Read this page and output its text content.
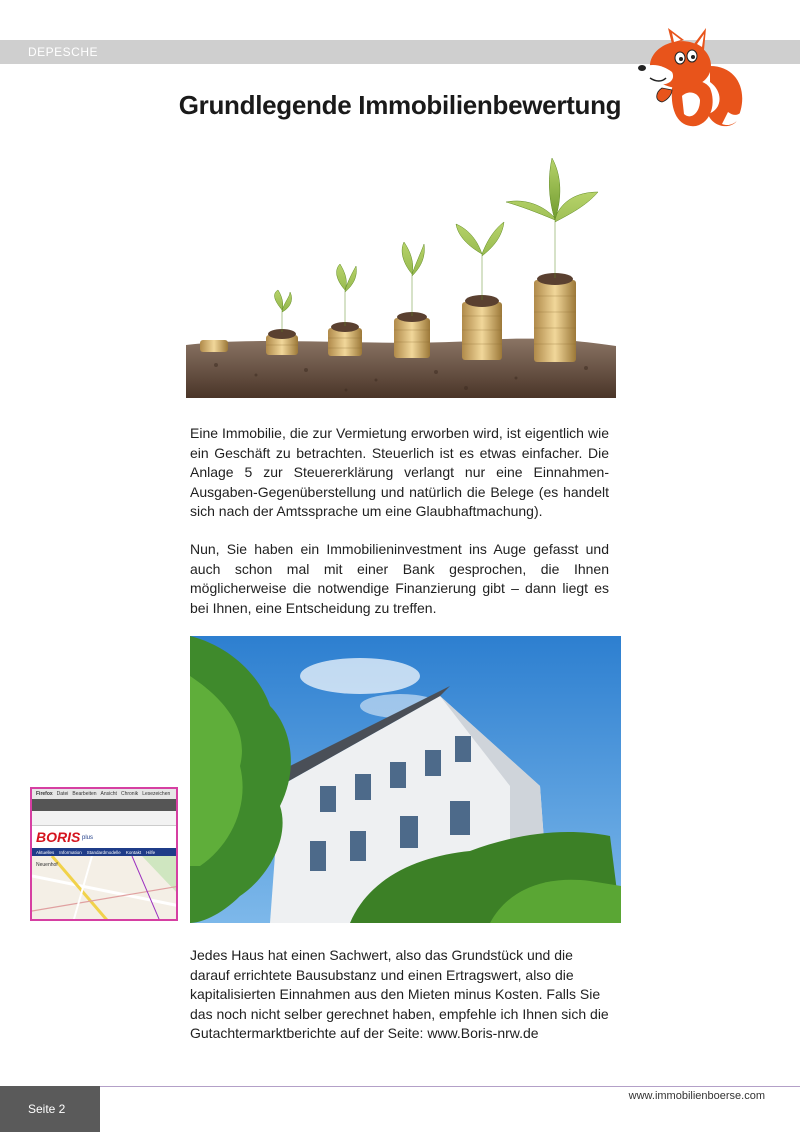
DEPESCHE
Grundlegende Immobilienbewertung
Eine Immobilie, die zur Vermietung erworben wird, ist eigentlich wie ein Geschäft zu betrachten. Steuerlich ist es etwas einfacher. Die Anlage 5 zur Steuererklärung verlangt nur eine Einnahmen-Ausgaben-Gegenüberstellung und natürlich die Belege (es handelt sich nach der Amtssprache um eine Glaubhaftmachung).
Nun, Sie haben ein Immobilieninvestment ins Auge gefasst und auch schon mal mit einer Bank gesprochen, die Ihnen möglicherweise die notwendige Finanzierung gibt – dann liegt es bei Ihnen, eine Entscheidung zu treffen.
Firefox Datei Bearbeiten Ansicht Chronik Lesezeichen
BORIS plus
Aktuelles Information Standardmodelle Kontakt Hilfe
Neuenhof
Jedes Haus hat einen Sachwert, also das Grundstück und die darauf errichtete Bausubstanz und einen Ertragswert, also die kapitalisierten Einnahmen aus den Mieten minus Kosten. Falls Sie das noch nicht selber gerechnet haben, empfehle ich Ihnen sich die Gutachtermarktberichte auf der Seite: www.Boris-nrw.de
Seite 2
www.immobilienboerse.com
